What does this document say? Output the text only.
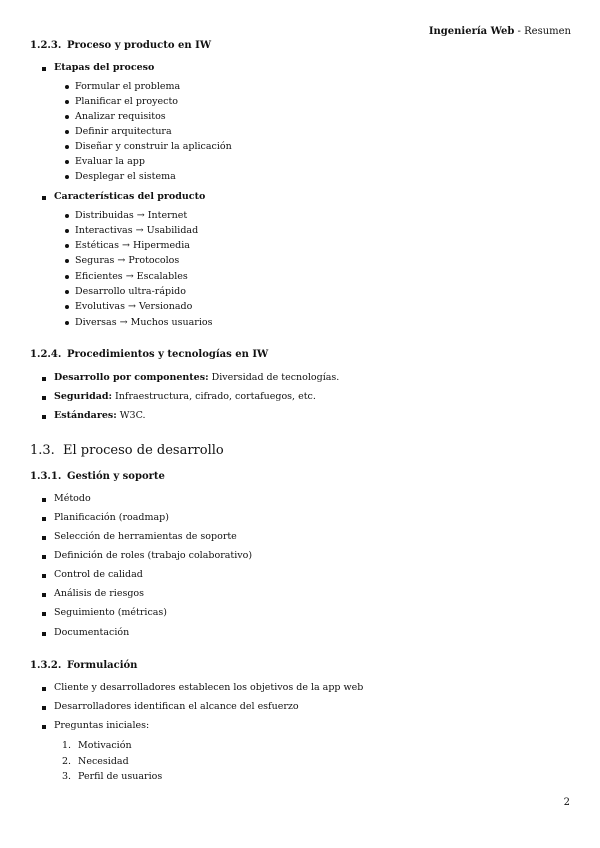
Ingeniería Web - Resumen
1.2.3. Proceso y producto en IW
Etapas del proceso
Formular el problema
Planificar el proyecto
Analizar requisitos
Definir arquitectura
Diseñar y construir la aplicación
Evaluar la app
Desplegar el sistema
Características del producto
Distribuidas → Internet
Interactivas → Usabilidad
Estéticas → Hipermedia
Seguras → Protocolos
Eficientes → Escalables
Desarrollo ultra-rápido
Evolutivas → Versionado
Diversas → Muchos usuarios
1.2.4. Procedimientos y tecnologías en IW
Desarrollo por componentes: Diversidad de tecnologías.
Seguridad: Infraestructura, cifrado, cortafuegos, etc.
Estándares: W3C.
1.3. El proceso de desarrollo
1.3.1. Gestión y soporte
Método
Planificación (roadmap)
Selección de herramientas de soporte
Definición de roles (trabajo colaborativo)
Control de calidad
Análisis de riesgos
Seguimiento (métricas)
Documentación
1.3.2. Formulación
Cliente y desarrolladores establecen los objetivos de la app web
Desarrolladores identifican el alcance del esfuerzo
Preguntas iniciales:
1. Motivación
2. Necesidad
3. Perfil de usuarios
2
